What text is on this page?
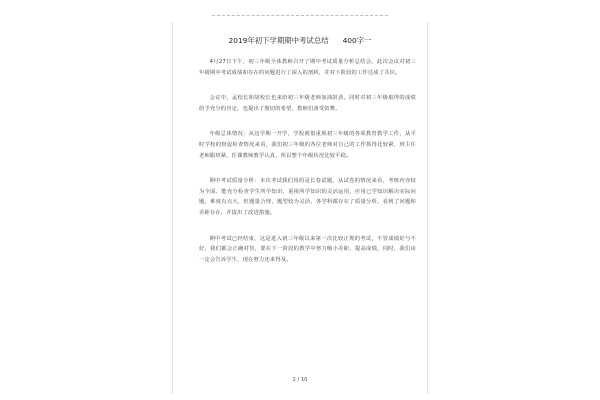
2019年初下学期期中考试总结 400字一

4月27日下午，初三年级全体教师召开了期中考试质量分析总结会。此次会议对初三年级期中考试成绩和存在的问题进行了深入的剖析，并对下阶段的工作达成了共识。

会议中，孟校长和胡校长也来给初三年级老师加油鼓劲，同时对初三年级取得的成绩给予充分的肯定，也提出了殷切的希望，教师们备受鼓舞。

年级总体情况：从这学期一开学，学校就很重视初三年级的各项教育教学工作，从平时学校的督促检查情况来看，我们初三年级的各位老师对自己的工作抓得比较紧，班主任老师跟班紧，任课教师教学认真，所以整个年级状况比较平稳。

期中考试质量分析：本次考试我们用的是长春试题，从试卷的情况来看，考核内容较为全面，能充分检查学生所学知识，重视所学知识的灵活运用，应用已学知识解决实际问题，难度有点大，但题量合理，题型较为灵活，各学科都存在了质量分析，看到了问题和差距存在，并提出了改进措施。

期中考试已经结束，这是进入初三年级以来第一次比较正规的考试，不管成绩好与不好，我们都会正确对待，要在下一阶段的教学中努力缩小差距，提高成绩，同时，我们由一定会告诉学生，现在努力还来得及。

2 / 10
